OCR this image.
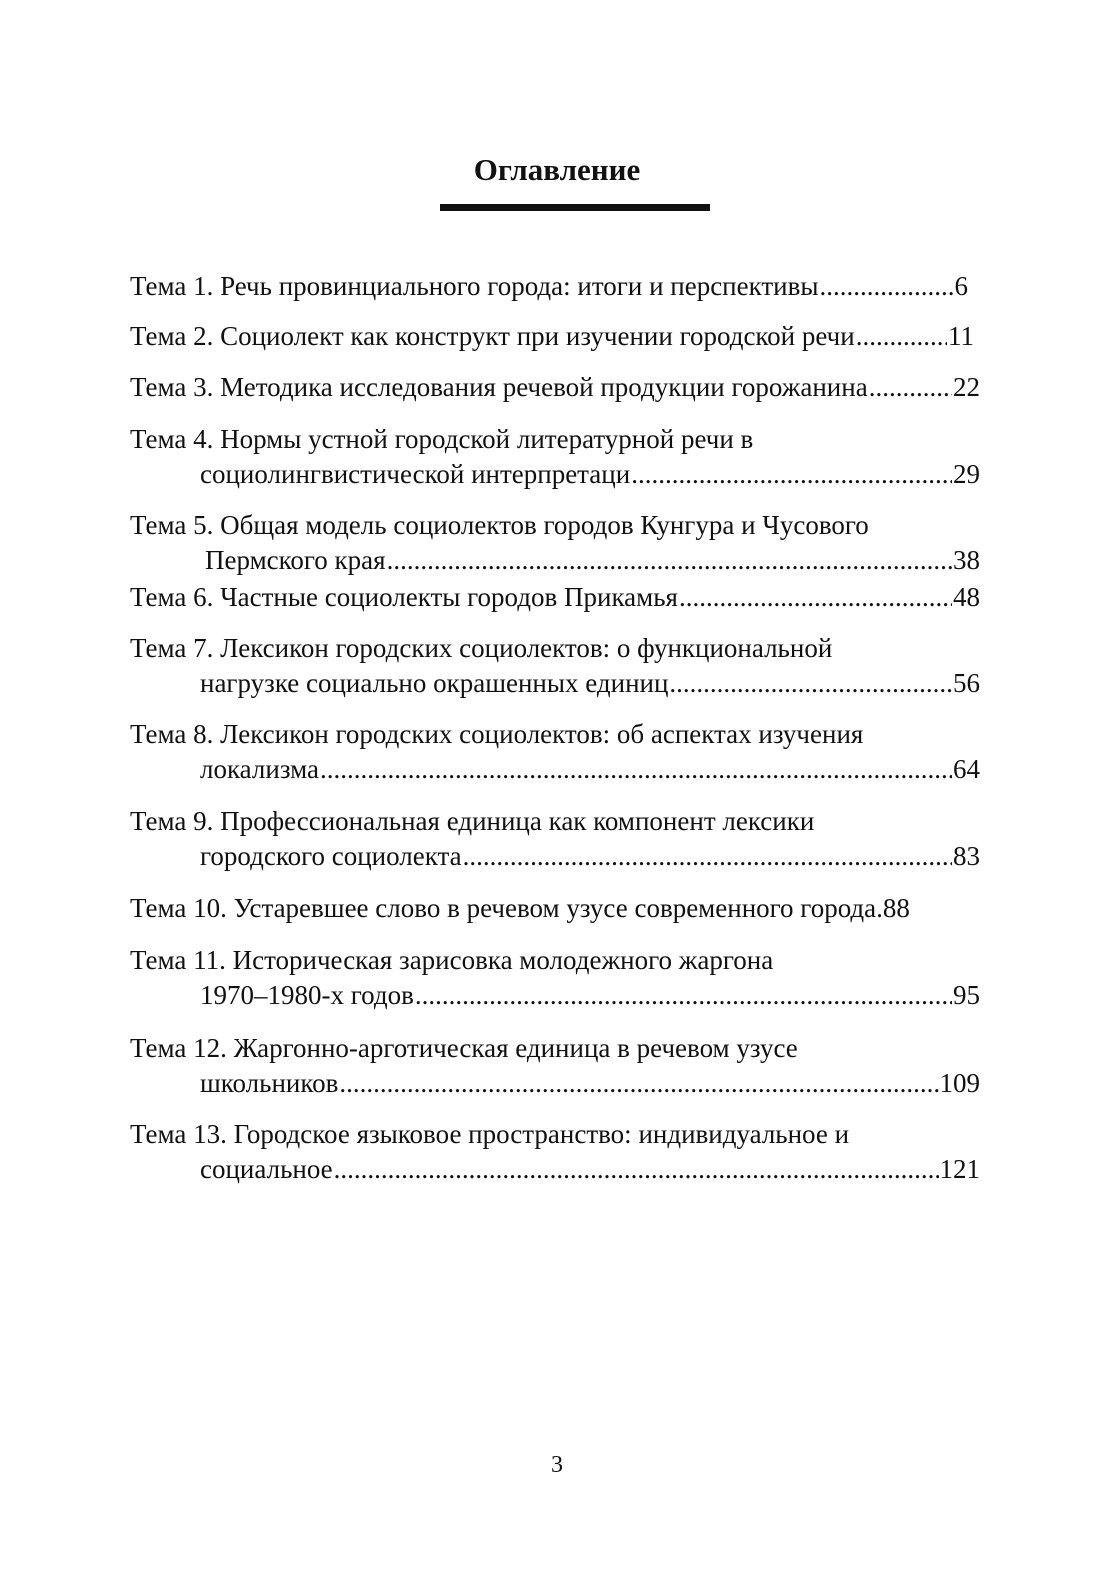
Оглавление
Тема 1. Речь провинциального города: итоги и перспективы .....	6
Тема 2. Социолект как конструкт при изучении городской речи .....	11
Тема 3. Методика исследования речевой продукции горожанина .....	22
Тема 4. Нормы устной городской литературной речи в
социолингвистической интерпретаци .....	29
Тема 5. Общая модель социолектов городов Кунгура и Чусового
Пермского края .....	38
Тема 6. Частные социолекты городов Прикамья .....	48
Тема 7. Лексикон городских социолектов: о функциональной
нагрузке социально окрашенных единиц .....	56
Тема 8. Лексикон городских социолектов: об аспектах изучения
локализма .....	64
Тема 9. Профессиональная единица как компонент лексики
городского социолекта .....	83
Тема 10. Устаревшее слово в речевом узусе современного города. 88
Тема 11. Историческая зарисовка молодежного жаргона
1970–1980-х годов .....	95
Тема 12. Жаргонно-арготическая единица в речевом узусе
школьников .....	109
Тема 13. Городское языковое пространство: индивидуальное и
социальное .....	121
3
